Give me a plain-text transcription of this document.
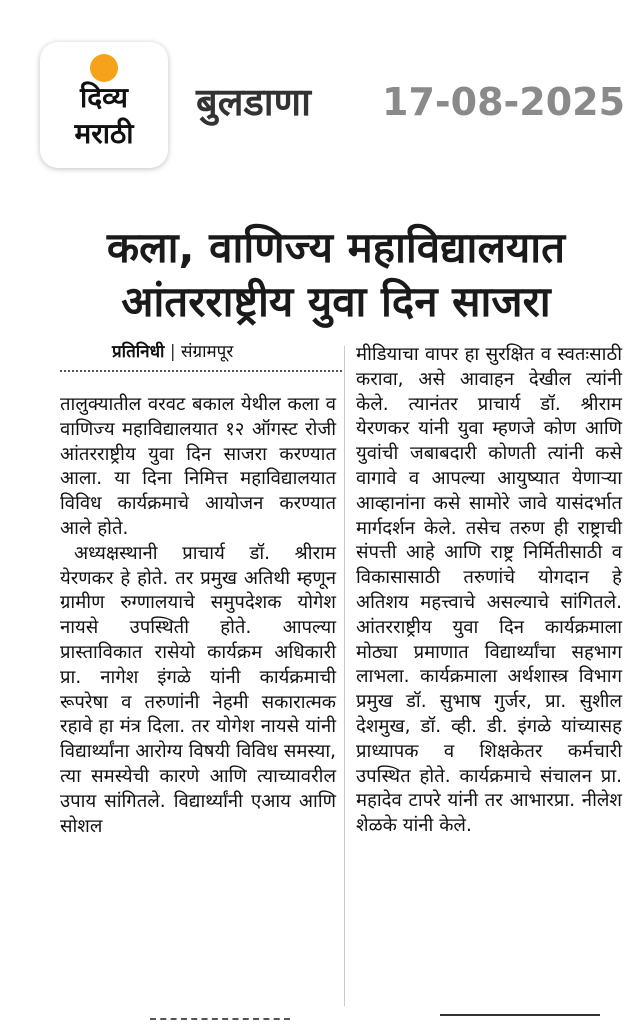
दिव्य
मराठी
बुलडाणा 17-08-2025
कला, वाणिज्य महाविद्यालयात
आंतरराष्ट्रीय युवा दिन साजरा
प्रतिनिधी | संग्रामपूर

तालुक्यातील वरवट बकाल येथील कला व वाणिज्य महाविद्यालयात १२ ऑगस्ट रोजी आंतरराष्ट्रीय युवा दिन साजरा करण्यात आला. या दिना निमित्त महाविद्यालयात विविध कार्यक्रमाचे आयोजन करण्यात आले होते.

अध्यक्षस्थानी प्राचार्य डॉ. श्रीराम येरणकर हे होते. तर प्रमुख अतिथी म्हणून ग्रामीण रुग्णालयाचे समुपदेशक योगेश नायसे उपस्थिती होते. आपल्या प्रास्ताविकात रासेयो कार्यक्रम अधिकारी प्रा. नागेश इंगळे यांनी कार्यक्रमाची रूपरेषा व तरुणांनी नेहमी सकारात्मक रहावे हा मंत्र दिला. तर योगेश नायसे यांनी विद्यार्थ्यांना आरोग्य विषयी विविध समस्या, त्या समस्येची कारणे आणि त्याच्यावरील उपाय सांगितले. विद्यार्थ्यांनी एआय आणि सोशल

मीडियाचा वापर हा सुरक्षित व स्वतःसाठी करावा, असे आवाहन देखील त्यांनी केले. त्यानंतर प्राचार्य डॉ. श्रीराम येरणकर यांनी युवा म्हणजे कोण आणि युवांची जबाबदारी कोणती त्यांनी कसे वागावे व आपल्या आयुष्यात येणाऱ्या आव्हानांना कसे सामोरे जावे यासंदर्भात मार्गदर्शन केले. तसेच तरुण ही राष्ट्राची संपत्ती आहे आणि राष्ट्र निर्मितीसाठी व विकासासाठी तरुणांचे योगदान हे अतिशय महत्त्वाचे असल्याचे सांगितले. आंतरराष्ट्रीय युवा दिन कार्यक्रमाला मोठ्या प्रमाणात विद्यार्थ्यांचा सहभाग लाभला. कार्यक्रमाला अर्थशास्त्र विभाग प्रमुख डॉ. सुभाष गुर्जर, प्रा. सुशील देशमुख, डॉ. व्ही. डी. इंगळे यांच्यासह प्राध्यापक व शिक्षकेतर कर्मचारी उपस्थित होते. कार्यक्रमाचे संचालन प्रा. महादेव टापरे यांनी तर आभारप्रा. नीलेश शेळके यांनी केले.
